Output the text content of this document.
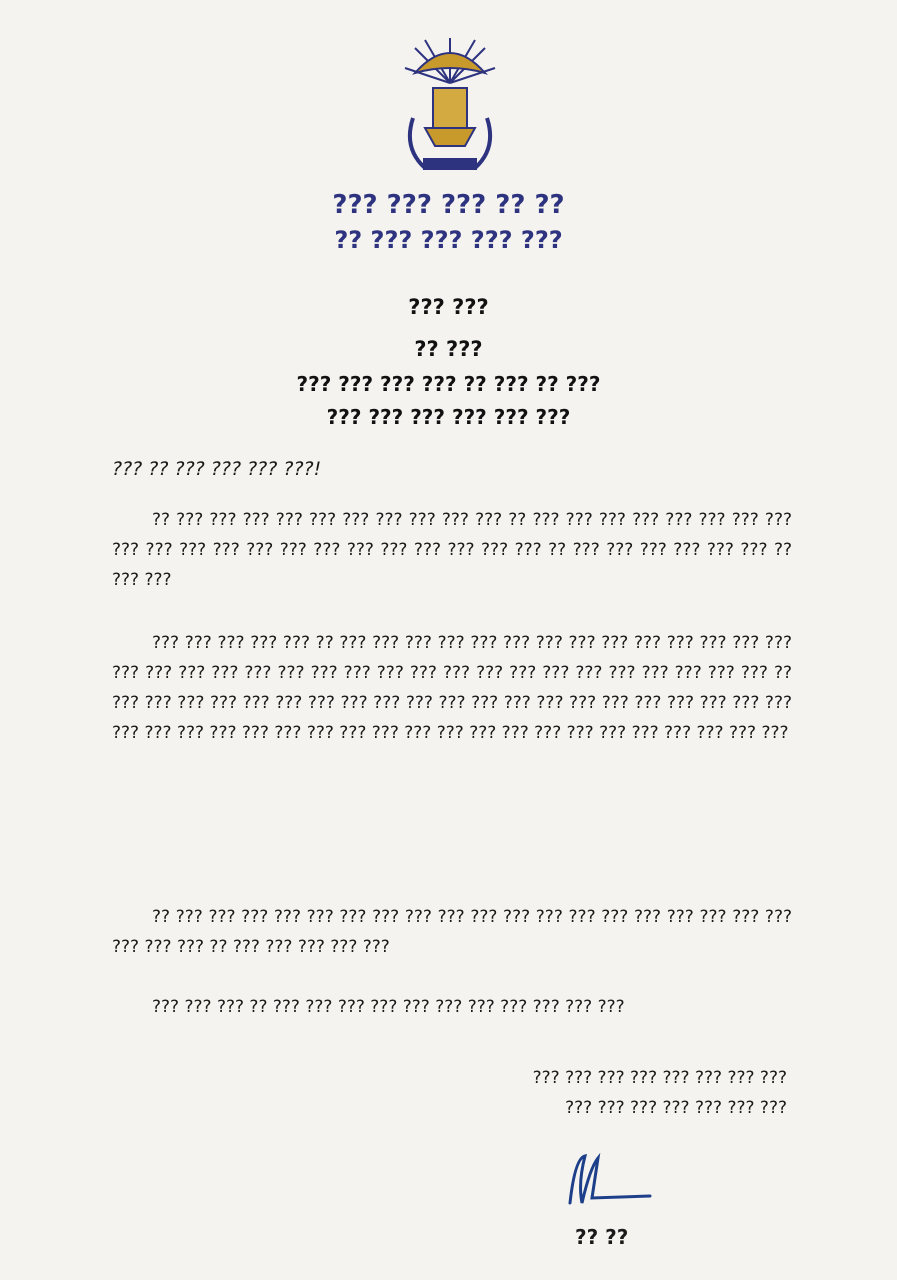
??? ??? ??? ?? ??
?? ??? ??? ??? ???
??? ???
?? ???
??? ??? ??? ??? ?? ??? ?? ???
??? ??? ??? ??? ??? ???
??? ?? ??? ??? ??? ???!
?? ??? ??? ??? ??? ??? ??? ??? ??? ??? ??? ?? ??? ??? ??? ??? ??? ??? ??? ??? ??? ??? ??? ??? ??? ??? ??? ??? ??? ??? ??? ??? ??? ?? ??? ??? ??? ??? ??? ??? ?? ??? ???
??? ??? ??? ??? ??? ?? ??? ??? ??? ??? ??? ??? ??? ??? ??? ??? ??? ??? ??? ??? ??? ??? ??? ??? ??? ??? ??? ??? ??? ??? ??? ??? ??? ??? ??? ??? ??? ??? ??? ??? ?? ??? ??? ??? ??? ??? ??? ??? ??? ??? ??? ??? ??? ??? ??? ??? ??? ??? ??? ??? ??? ??? ??? ??? ??? ??? ??? ??? ??? ??? ??? ??? ??? ??? ??? ??? ??? ??? ??? ??? ??? ??? ???
?? ??? ??? ??? ??? ??? ??? ??? ??? ??? ??? ??? ??? ??? ??? ??? ??? ??? ??? ??? ??? ??? ??? ?? ??? ??? ??? ??? ???
??? ??? ??? ?? ??? ??? ??? ??? ??? ??? ??? ??? ??? ??? ???
??? ??? ??? ??? ??? ??? ??? ???
??? ??? ??? ??? ??? ??? ???
?? ??
